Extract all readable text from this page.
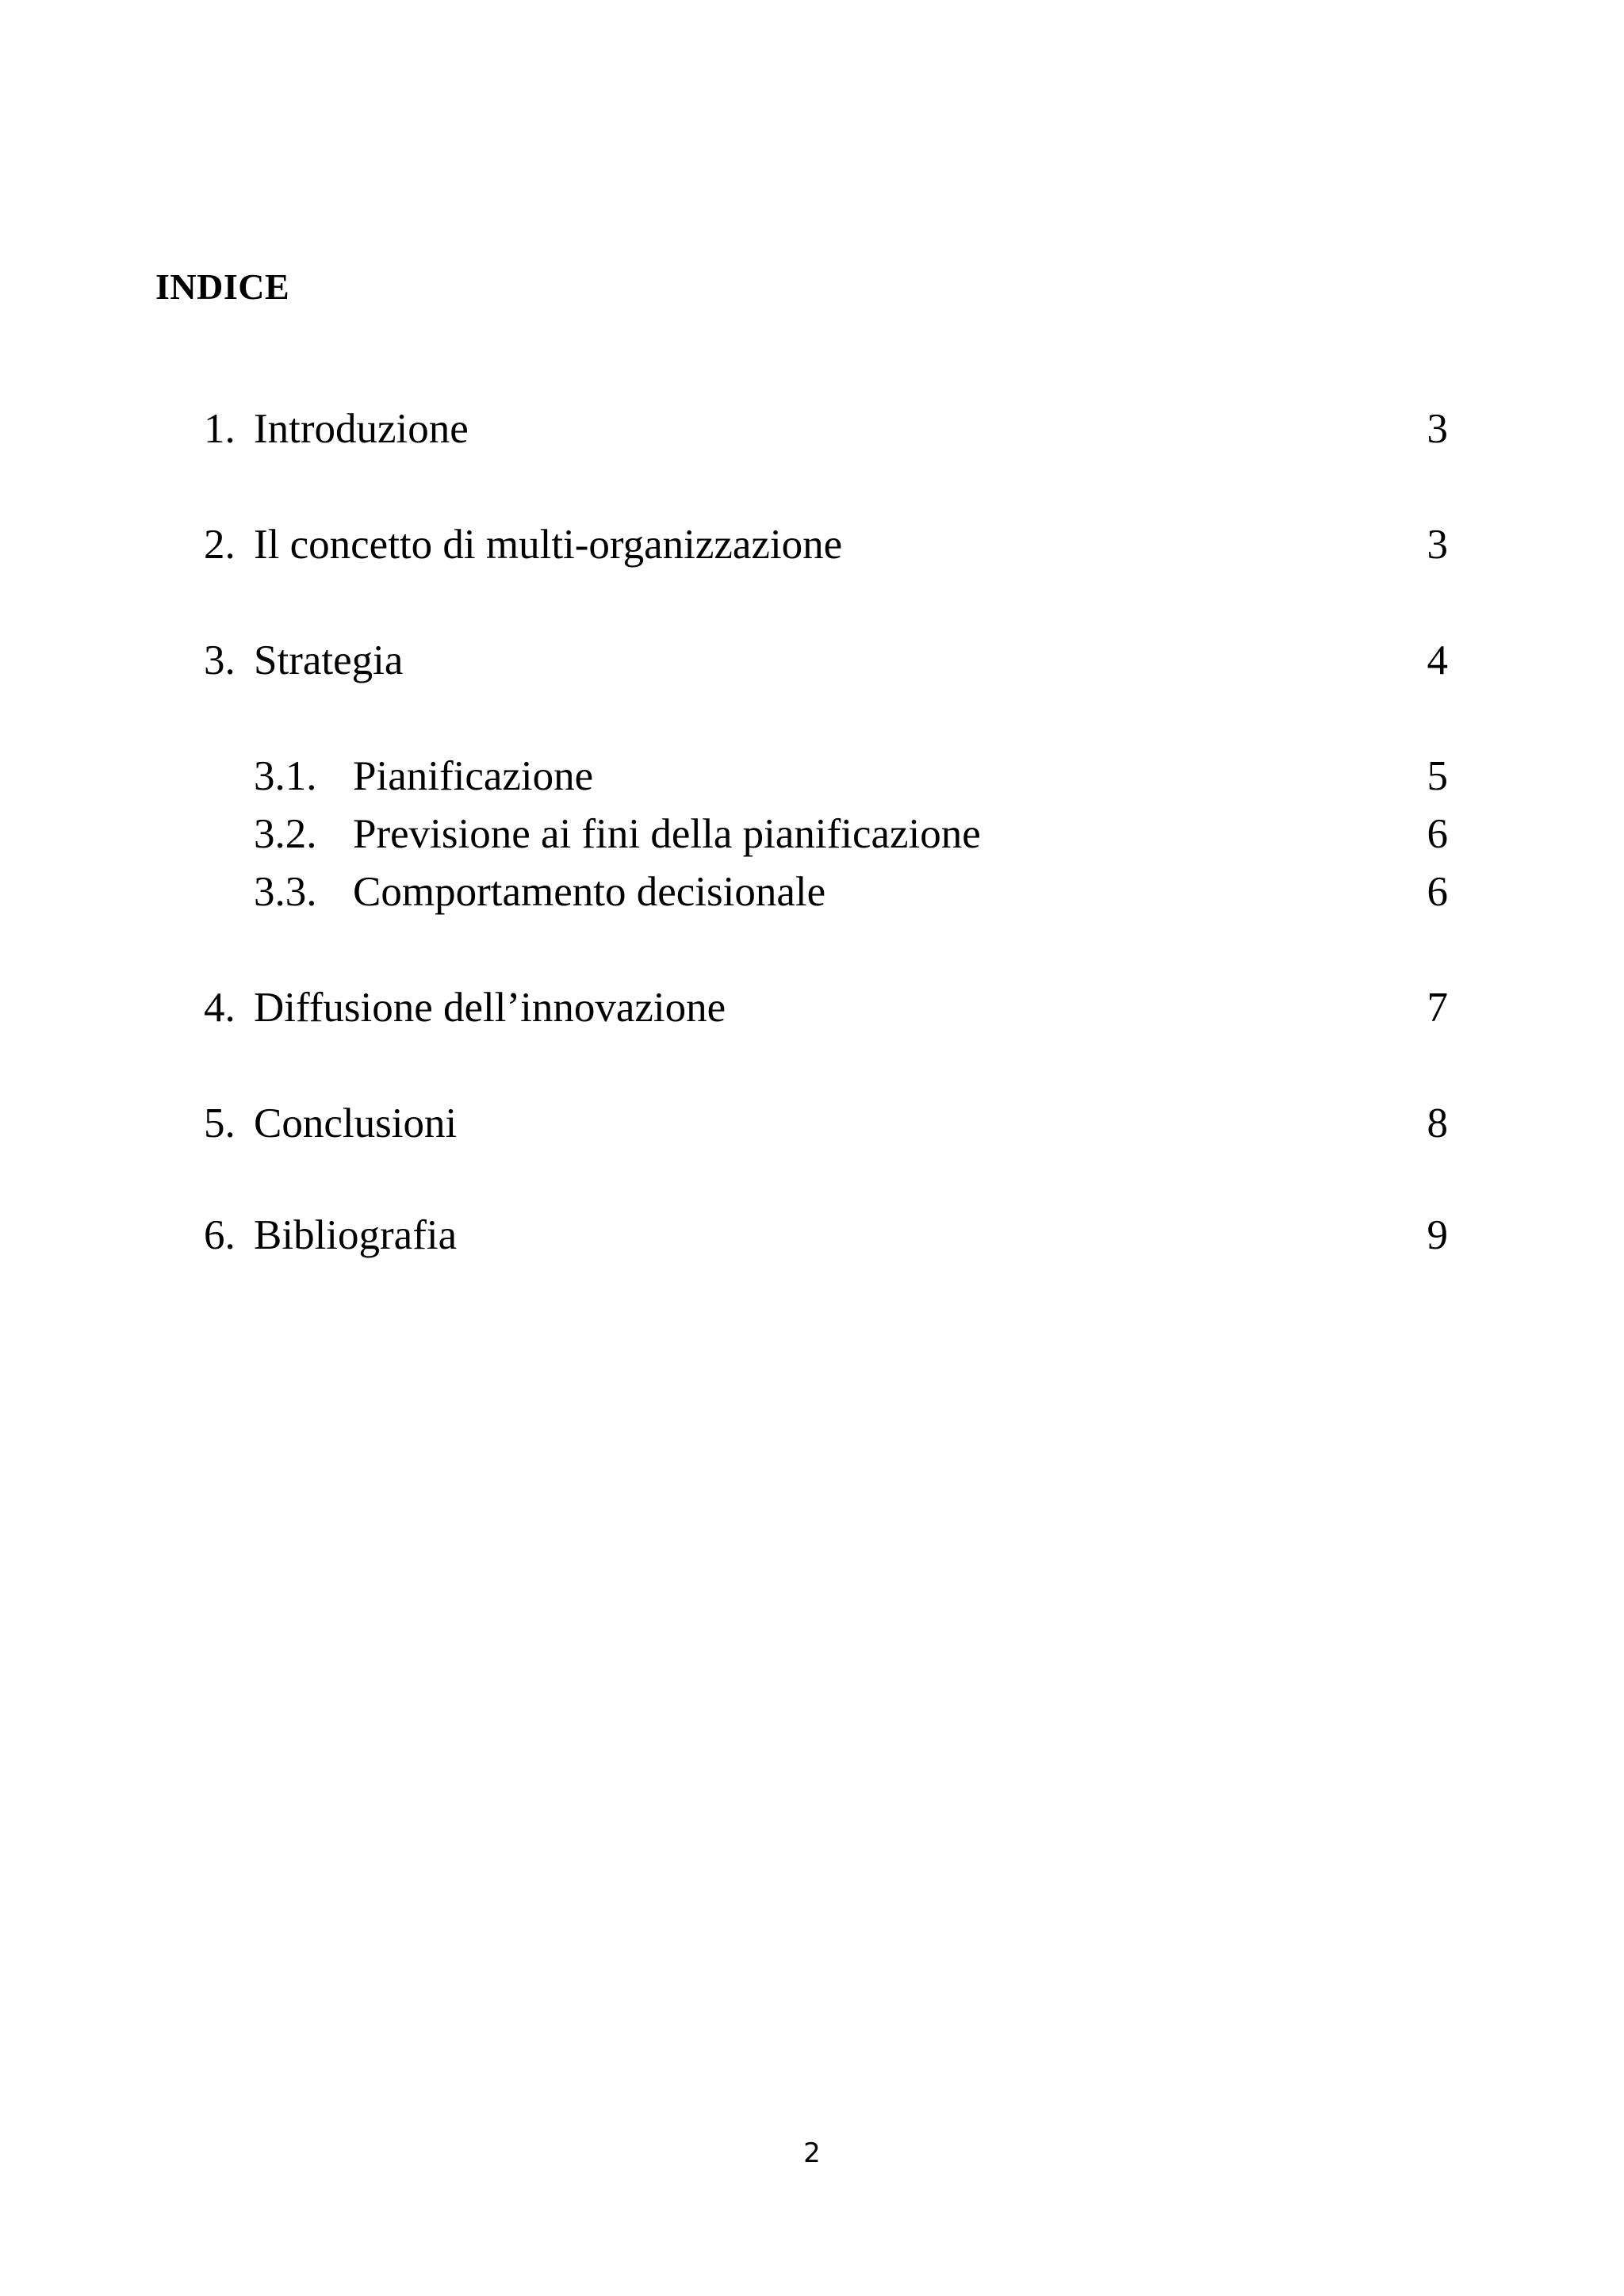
INDICE
1. Introduzione	3
2. Il concetto di multi-organizzazione	3
3. Strategia	4
3.1. Pianificazione	5
3.2. Previsione ai fini della pianificazione	6
3.3. Comportamento decisionale	6
4. Diffusione dell’innovazione	7
5. Conclusioni	8
6. Bibliografia	9
2
